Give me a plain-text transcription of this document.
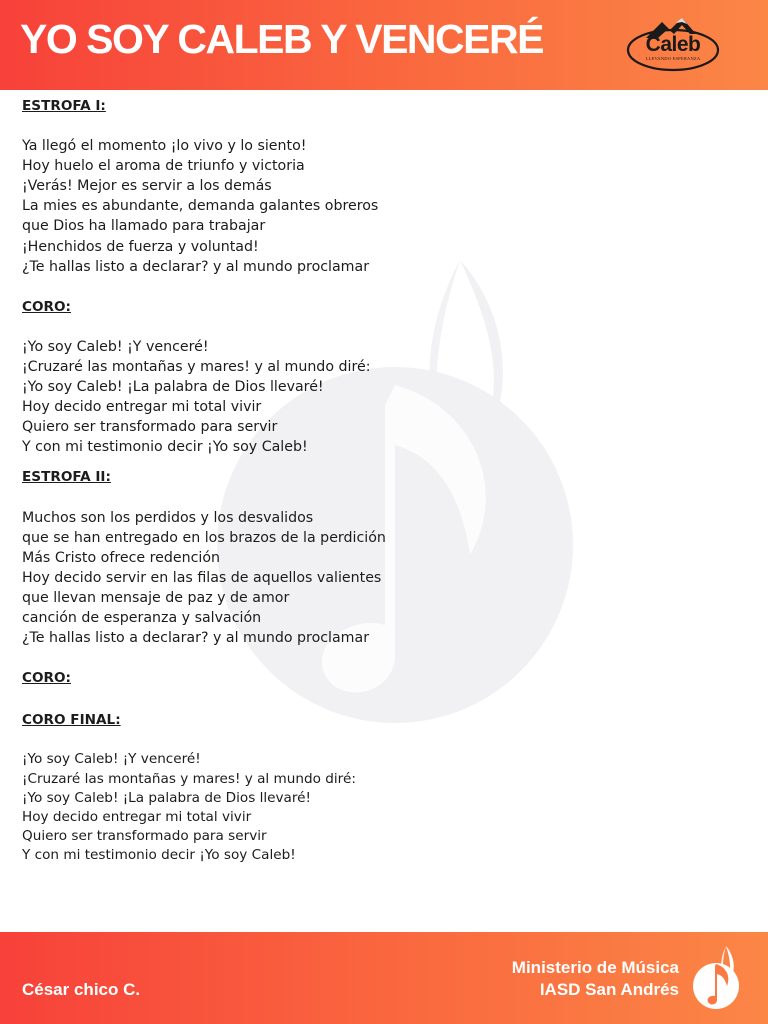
YO SOY CALEB Y VENCERÉ	Caleb
LLEVANDO ESPERANZA

ESTROFA I:

Ya llegó el momento ¡lo vivo y lo siento!
Hoy huelo el aroma de triunfo y victoria
¡Verás! Mejor es servir a los demás
La mies es abundante, demanda galantes obreros
que Dios ha llamado para trabajar
¡Henchidos de fuerza y voluntad!
¿Te hallas listo a declarar? y al mundo proclamar

CORO:

¡Yo soy Caleb! ¡Y venceré!
¡Cruzaré las montañas y mares! y al mundo diré:
¡Yo soy Caleb! ¡La palabra de Dios llevaré!
Hoy decido entregar mi total vivir
Quiero ser transformado para servir
Y con mi testimonio decir ¡Yo soy Caleb!

ESTROFA II:

Muchos son los perdidos y los desvalidos
que se han entregado en los brazos de la perdición
Más Cristo ofrece redención
Hoy decido servir en las filas de aquellos valientes
que llevan mensaje de paz y de amor
canción de esperanza y salvación
¿Te hallas listo a declarar? y al mundo proclamar

CORO:

CORO FINAL:

¡Yo soy Caleb! ¡Y venceré!
¡Cruzaré las montañas y mares! y al mundo diré:
¡Yo soy Caleb! ¡La palabra de Dios llevaré!
Hoy decido entregar mi total vivir
Quiero ser transformado para servir
Y con mi testimonio decir ¡Yo soy Caleb!
César chico C.
Ministerio de Música
IASD San Andrés
